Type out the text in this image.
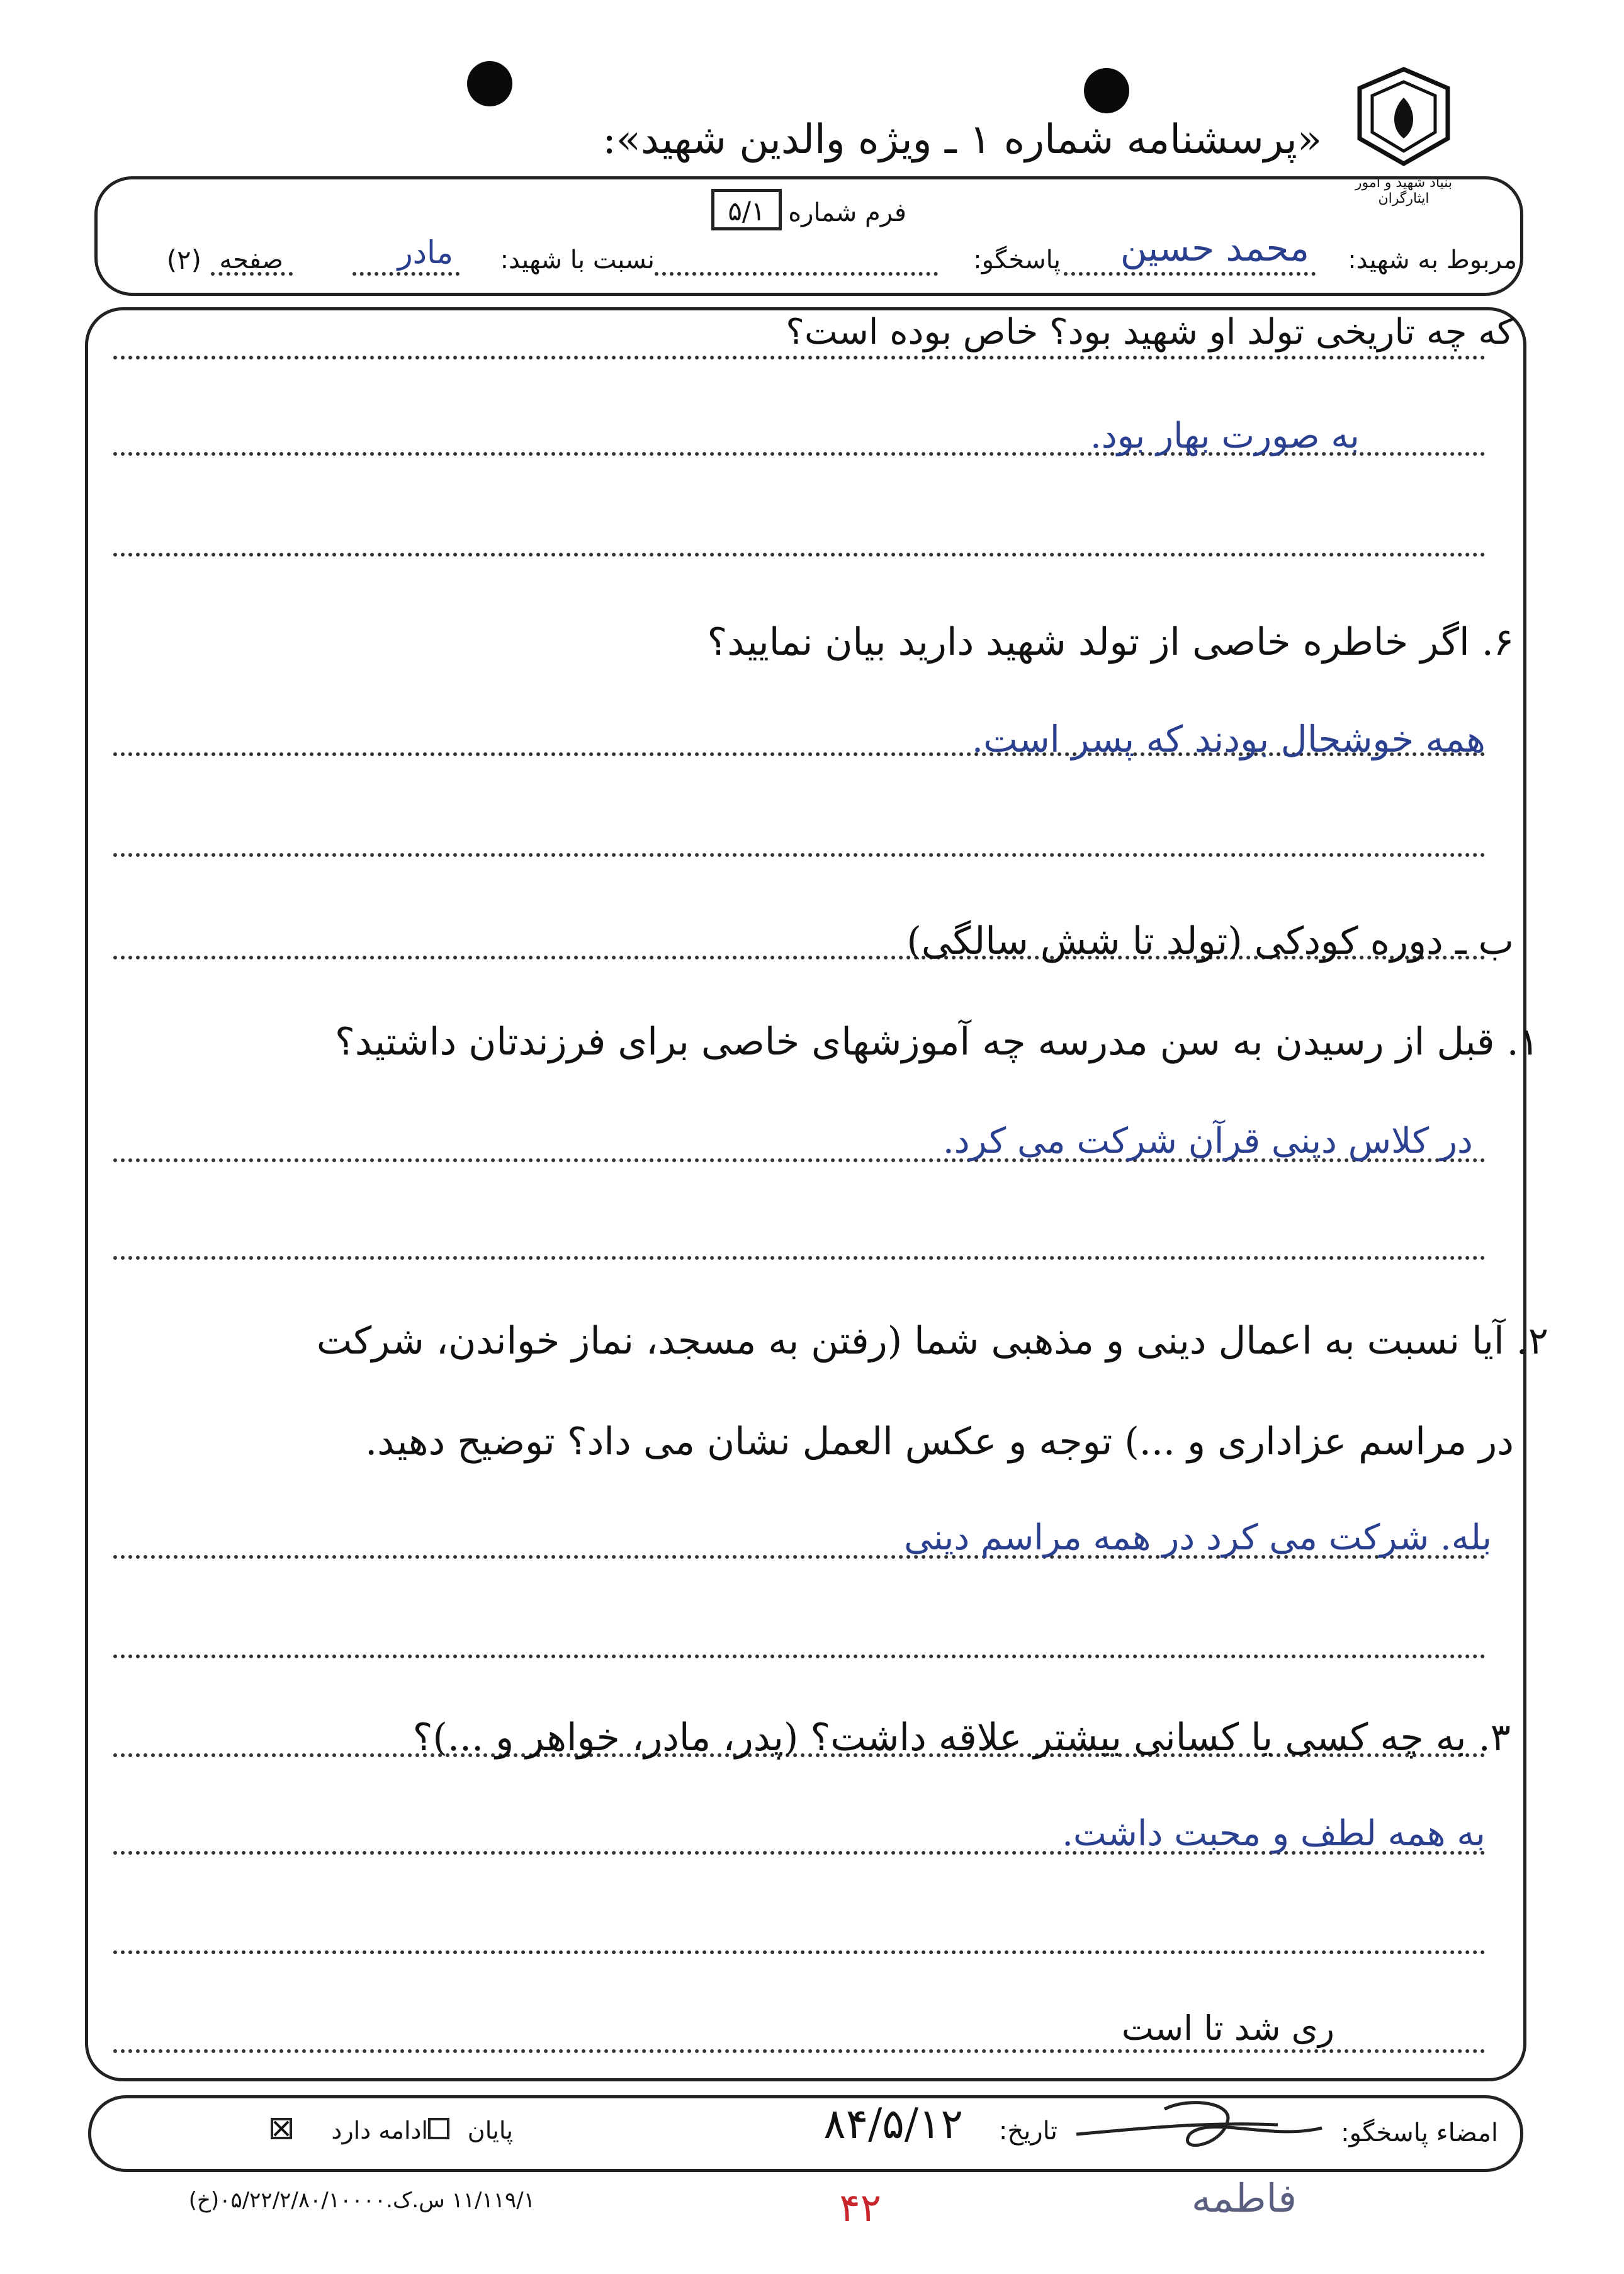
بنیاد شهید و امور ایثارگران
«پرسشنامه شماره ۱ ـ ویژه والدین شهید»:
فرم شماره
۵/۱
مربوط به شهید:
محمد حسین
پاسخگو:
نسبت با شهید:
مادر
صفحه
(۲)
که چه تاریخی تولد او شهید بود؟ خاص بوده است؟
به صورت بهار بود.
۶. اگر خاطره خاصی از تولد شهید دارید بیان نمایید؟
همه خوشحال بودند که پسر است.
ب ـ دوره کودکی (تولد تا شش سالگی)
۱. قبل از رسیدن به سن مدرسه چه آموزشهای خاصی برای فرزندتان داشتید؟
در کلاس دینی قرآن شرکت می کرد.
۲. آیا نسبت به اعمال دینی و مذهبی شما (رفتن به مسجد، نماز خواندن، شرکت
در مراسم عزاداری و ...) توجه و عکس العمل نشان می داد؟ توضیح دهید.
بله. شرکت می کرد در همه مراسم دینی
۳. به چه کسی یا کسانی بیشتر علاقه داشت؟ (پدر، مادر، خواهر و ...)؟
به همه لطف و محبت داشت.
ری شد تا است
امضاء پاسخگو:
تاریخ:
۸۴/۵/۱۲
ادامه دارد پایان
۱۱/۱۱۹/۱ س.ک.۰۵/۲۲/۲/۸۰/۱۰۰۰۰(خ)	۴۲	فاطمه
